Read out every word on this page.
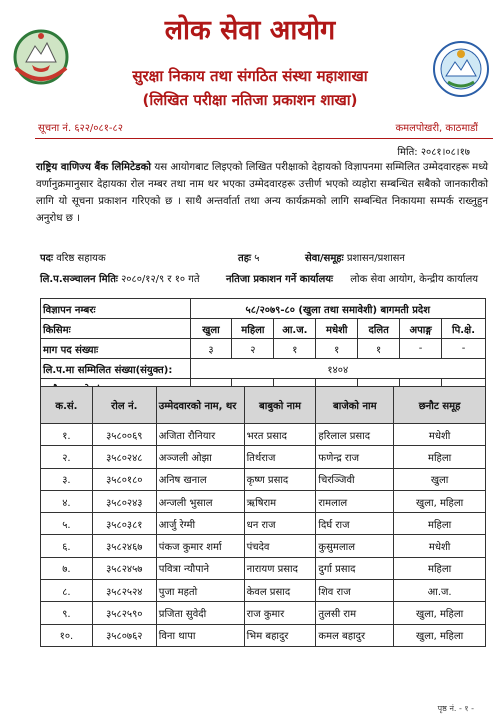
लोक सेवा आयोग
सुरक्षा निकाय तथा संगठित संस्था महाशाखा
(लिखित परीक्षा नतिजा प्रकाशन शाखा)
सूचना नं. ६२२/०८१-८२	कमलपोखरी, काठमाडौं
मिति: २०८१।०८।१७
राष्ट्रिय वाणिज्य बैंक लिमिटेडको यस आयोगबाट लिइएको लिखित परीक्षाको देहायको विज्ञापनमा सम्मिलित उम्मेदवारहरू मध्ये वर्णानुक्रमानुसार देहायका रोल नम्बर तथा नाम थर भएका उम्मेदवारहरू उत्तीर्ण भएको व्यहोरा सम्बन्धित सबैको जानकारीको लागि यो सूचना प्रकाशन गरिएको छ । साथै अन्तर्वार्ता तथा अन्य कार्यक्रमको लागि सम्बन्धित निकायमा सम्पर्क राख्नुहुन अनुरोध छ ।
पदः वरिष्ठ सहायक	तहः ५	सेवा/समूहः प्रशासन/प्रशासन
लि.प.सञ्चालन मितिः २०८०/१२/९ र १० गते	नतिजा प्रकाशन गर्ने कार्यालयः लोक सेवा आयोग, केन्द्रीय कार्यालय
विज्ञापन नम्बरः	५८/२०७९-८० (खुला तथा समावेशी) बागमती प्रदेश						
किसिमः	खुला	महिला	आ.ज.	मधेशी	दलित	अपाङ्ग	पि.क्षे.
माग पद संख्याः	३	२	१	१	१	-	-
लि.प.मा सम्मिलित संख्या(संयुक्त):	१४०४						
छनौट भएको संख्याः	६	९	४	३	४	-	-
क.सं.	रोल नं.	उम्मेदवारको नाम, थर	बाबुको नाम	बाजेको नाम	छनौट समूह
१.	३५८००६९	अजिता रौनियार	भरत प्रसाद	हरिलाल प्रसाद	मधेशी
२.	३५८०२४८	अञ्जली ओझा	तिर्थराज	फणेन्द्र राज	महिला
३.	३५८०१८०	अनिष खनाल	कृष्ण प्रसाद	चिरञ्जिवी	खुला
४.	३५८०२४३	अन्जली भुसाल	ऋषिराम	रामलाल	खुला, महिला
५.	३५८०३८१	आर्जु रेग्मी	धन राज	दिर्घ राज	महिला
६.	३५८२४६७	पंकज कुमार शर्मा	पंचदेव	कुसुमलाल	मधेशी
७.	३५८२४५७	पवित्रा न्यौपाने	नारायण प्रसाद	दुर्गा प्रसाद	महिला
८.	३५८२५२४	पुजा महतो	केवल प्रसाद	शिव राज	आ.ज.
९.	३५८२५९०	प्रजिता सुवेदी	राज कुमार	तुलसी राम	खुला, महिला
१०.	३५८०७६२	विना थापा	भिम बहादुर	कमल बहादुर	खुला, महिला
पृष्ठ नं. - १ -
